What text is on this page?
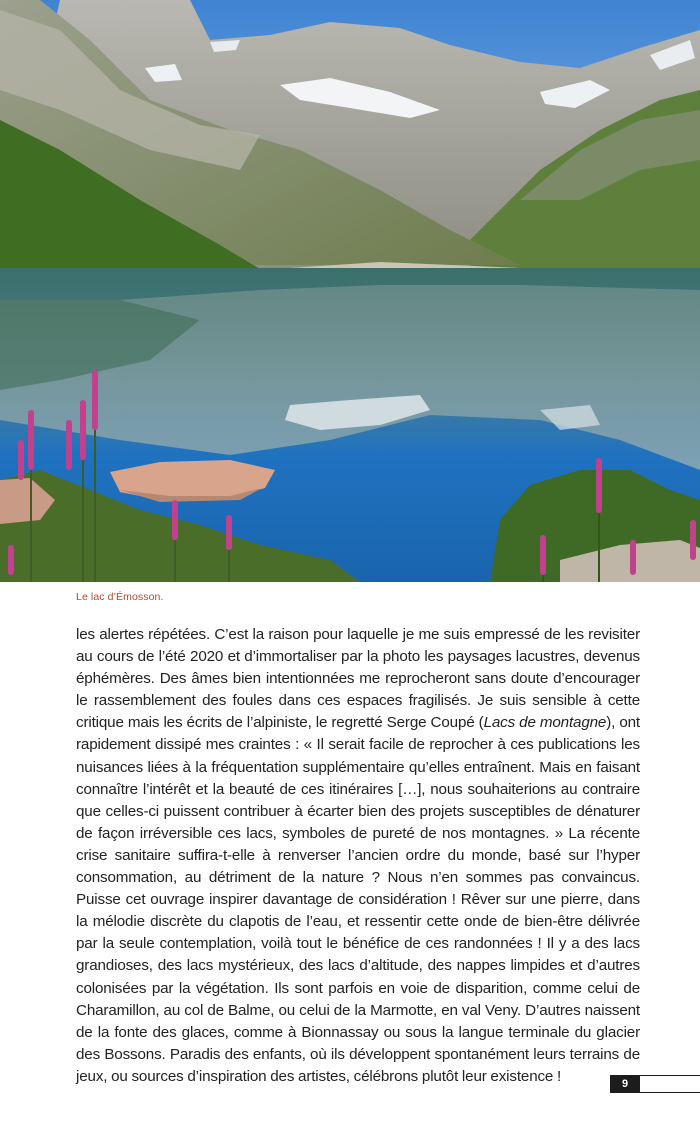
Le lac d’Émosson.

les alertes répétées. C’est la raison pour laquelle je me suis empressé de les revisiter au cours de l’été 2020 et d’immortaliser par la photo les paysages lacustres, devenus éphémères. Des âmes bien intentionnées me reprocheront sans doute d’encourager le rassemblement des foules dans ces espaces fragilisés. Je suis sensible à cette critique mais les écrits de l’alpiniste, le regretté Serge Coupé (Lacs de montagne), ont rapidement dissipé mes craintes : « Il serait facile de reprocher à ces publications les nuisances liées à la fréquentation supplémentaire qu’elles entraînent. Mais en faisant connaître l’intérêt et la beauté de ces itinéraires […], nous souhaiterions au contraire que celles-ci puissent contribuer à écarter bien des projets susceptibles de dénaturer de façon irréversible ces lacs, symboles de pureté de nos montagnes. » La récente crise sanitaire suffira-t-elle à renverser l’ancien ordre du monde, basé sur l’hyper consommation, au détriment de la nature ? Nous n’en sommes pas convaincus. Puisse cet ouvrage inspirer davantage de considération ! Rêver sur une pierre, dans la mélodie discrète du clapotis de l’eau, et ressentir cette onde de bien-être délivrée par la seule contemplation, voilà tout le bénéfice de ces randonnées ! Il y a des lacs grandioses, des lacs mystérieux, des lacs d’altitude, des nappes limpides et d’autres colonisées par la végétation. Ils sont parfois en voie de disparition, comme celui de Charamillon, au col de Balme, ou celui de la Marmotte, en val Veny. D’autres naissent de la fonte des glaces, comme à Bionnassay ou sous la langue terminale du glacier des Bossons. Paradis des enfants, où ils développent spontanément leurs terrains de jeux, ou sources d’inspiration des artistes, célébrons plutôt leur existence !	9
